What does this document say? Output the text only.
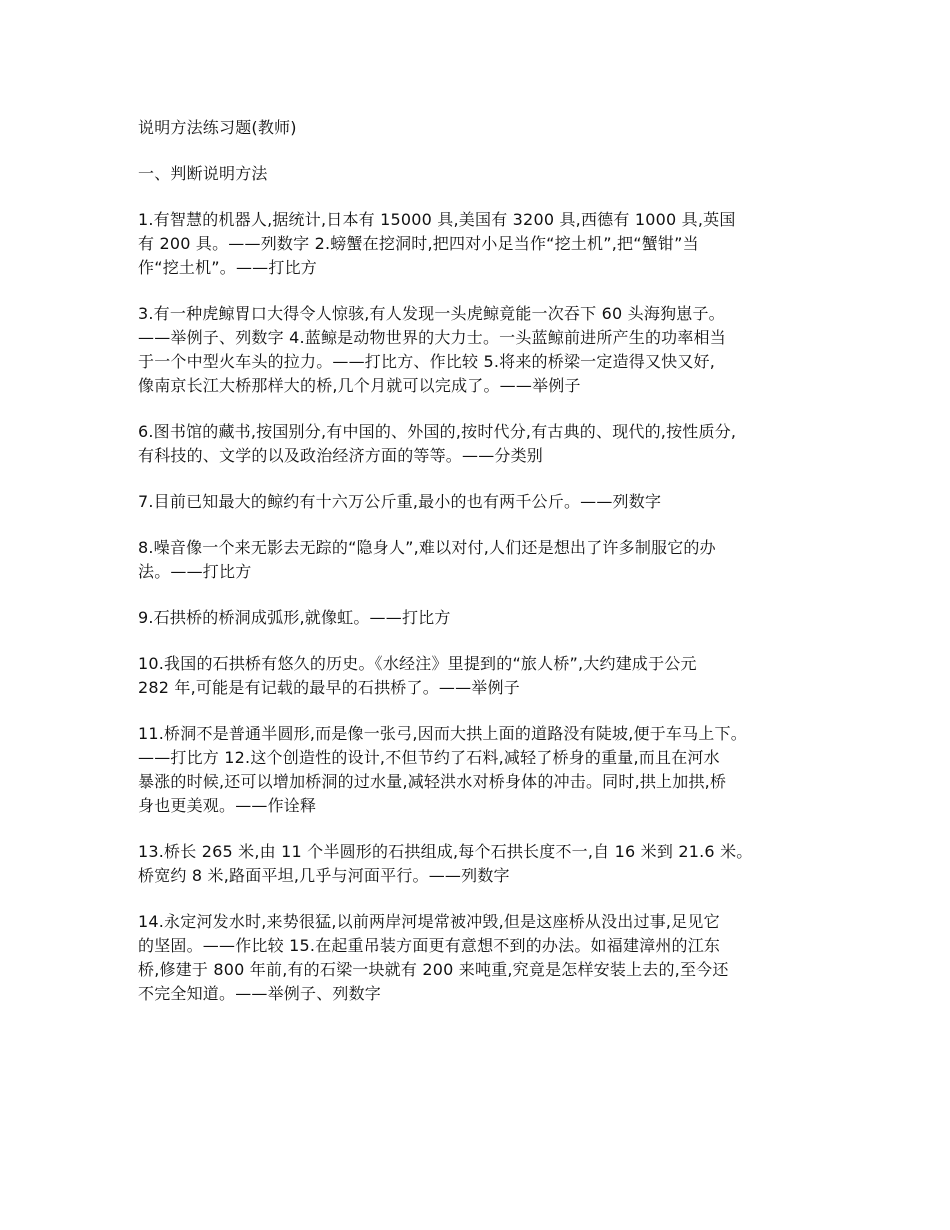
说明方法练习题(教师)
一、判断说明方法
1.有智慧的机器人,据统计,日本有 15000 具,美国有 3200 具,西德有 1000 具,英国
有 200 具。——列数字 2.螃蟹在挖洞时,把四对小足当作“挖土机”,把“蟹钳”当
作“挖土机”。——打比方
3.有一种虎鲸胃口大得令人惊骇,有人发现一头虎鲸竟能一次吞下 60 头海狗崽子。
——举例子、列数字 4.蓝鲸是动物世界的大力士。一头蓝鲸前进所产生的功率相当
于一个中型火车头的拉力。——打比方、作比较 5.将来的桥梁一定造得又快又好,
像南京长江大桥那样大的桥,几个月就可以完成了。——举例子
6.图书馆的藏书,按国别分,有中国的、外国的,按时代分,有古典的、现代的,按性质分,
有科技的、文学的以及政治经济方面的等等。——分类别
7.目前已知最大的鲸约有十六万公斤重,最小的也有两千公斤。——列数字
8.噪音像一个来无影去无踪的“隐身人”,难以对付,人们还是想出了许多制服它的办
法。——打比方
9.石拱桥的桥洞成弧形,就像虹。——打比方
10.我国的石拱桥有悠久的历史。《水经注》里提到的“旅人桥”,大约建成于公元
282 年,可能是有记载的最早的石拱桥了。——举例子
11.桥洞不是普通半圆形,而是像一张弓,因而大拱上面的道路没有陡坡,便于车马上下。
——打比方 12.这个创造性的设计,不但节约了石料,减轻了桥身的重量,而且在河水
暴涨的时候,还可以增加桥洞的过水量,减轻洪水对桥身体的冲击。同时,拱上加拱,桥
身也更美观。——作诠释
13.桥长 265 米,由 11 个半圆形的石拱组成,每个石拱长度不一,自 16 米到 21.6 米。
桥宽约 8 米,路面平坦,几乎与河面平行。——列数字
14.永定河发水时,来势很猛,以前两岸河堤常被冲毁,但是这座桥从没出过事,足见它
的坚固。——作比较 15.在起重吊装方面更有意想不到的办法。如福建漳州的江东
桥,修建于 800 年前,有的石梁一块就有 200 来吨重,究竟是怎样安装上去的,至今还
不完全知道。——举例子、列数字
